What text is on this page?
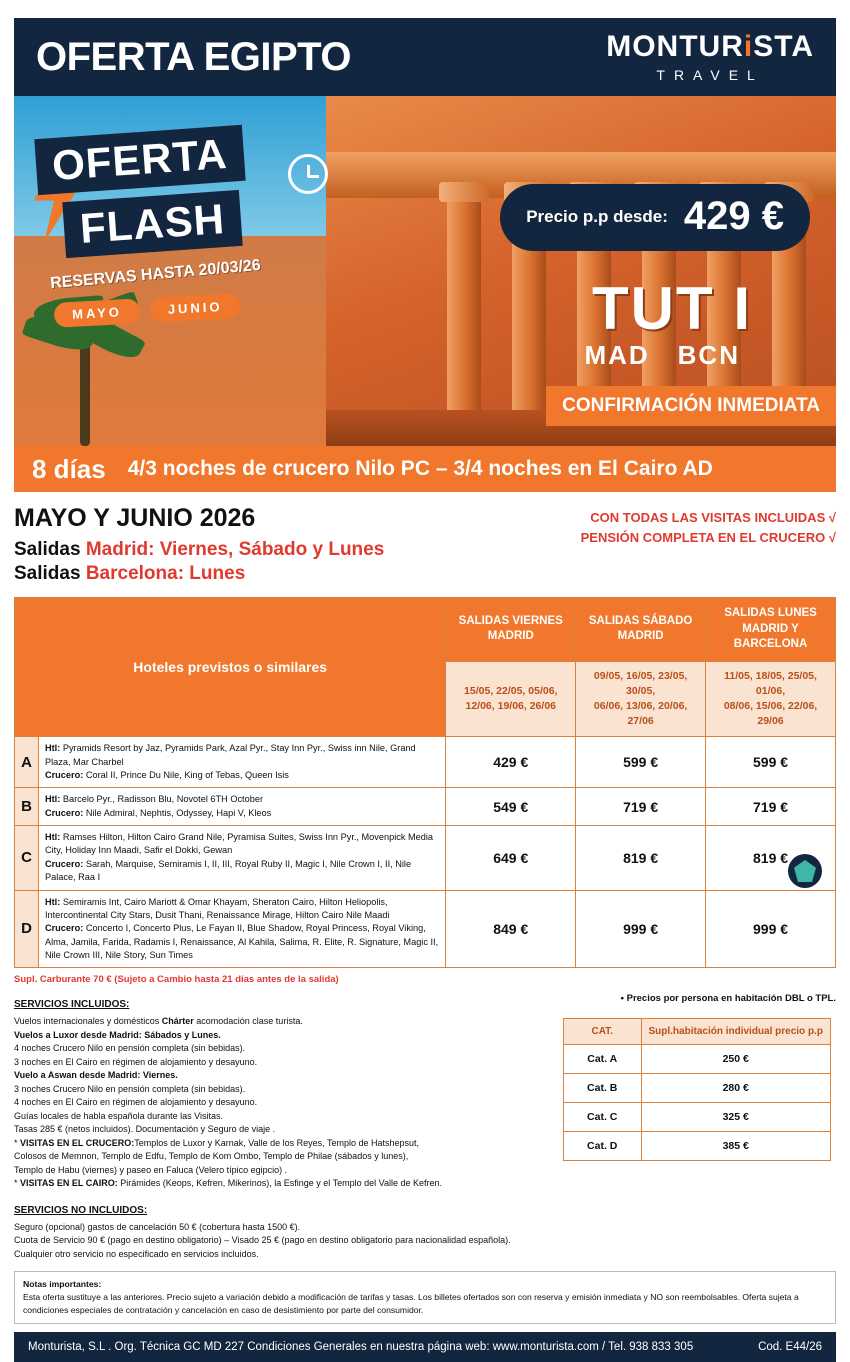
OFERTA EGIPTO	MONTURiSTA
TRAVEL
OFERTA
FLASH
RESERVAS HASTA 20/03/26
MAYO	JUNIO
Precio p.p desde: 429 €
TUT I
MAD BCN
CONFIRMACIÓN INMEDIATA
8 días 4/3 noches de crucero Nilo PC – 3/4 noches en El Cairo AD
MAYO Y JUNIO 2026
Salidas Madrid: Viernes, Sábado y Lunes
Salidas Barcelona: Lunes
CON TODAS LAS VISITAS INCLUIDAS √
PENSIÓN COMPLETA EN EL CRUCERO √
Hoteles previstos o similares	
SALIDAS VIERNES
MADRID

SALIDAS SÁBADO
MADRID

SALIDAS LUNES
MADRID Y BARCELONA

15/05, 22/05, 05/06,
12/06, 19/06, 26/06

09/05, 16/05, 23/05, 30/05,
06/06, 13/06, 20/06, 27/06

11/05, 18/05, 25/05, 01/06,
08/06, 15/06, 22/06, 29/06

A	Htl: Pyramids Resort by Jaz, Pyramids Park, Azal Pyr., Stay Inn Pyr., Swiss inn Nile, Grand Plaza, Mar Charbel
Crucero: Coral II, Prince Du Nile, King of Tebas, Queen Isis	429 €	599 €	599 €
B	Htl: Barcelo Pyr., Radisson Blu, Novotel 6TH October
Crucero: Nile Admiral, Nephtis, Odyssey, Hapi V, Kleos	549 €	719 €	719 €
C	Htl: Ramses Hilton, Hilton Cairo Grand Nile, Pyramisa Suites, Swiss Inn Pyr., Movenpick Media City, Holiday Inn Maadi, Safir el Dokki, Gewan
Crucero: Sarah, Marquise, Semiramis I, II, III, Royal Ruby II, Magic I, Nile Crown I, II, Nile Palace, Raa I	649 €	819 €	819 €
D	Htl: Semiramis Int, Cairo Mariott & Omar Khayam, Sheraton Cairo, Hilton Heliopolis, Intercontinental City Stars, Dusit Thani, Renaissance Mirage, Hilton Cairo Nile Maadi
Crucero: Concerto I, Concerto Plus, Le Fayan II, Blue Shadow, Royal Princess, Royal Viking, Alma, Jamila, Farida, Radamis I, Renaissance, Al Kahila, Salima, R. Elite, R. Signature, Magic II, Nile Crown III, Nile Story, Sun Times	849 €	999 €	999 €
Supl. Carburante 70 € (Sujeto a Cambio hasta 21 días antes de la salida)
SERVICIOS INCLUIDOS:

Vuelos internacionales y domésticos Chárter acomodación clase turista.

Vuelos a Luxor desde Madrid: Sábados y Lunes.

4 noches Crucero Nilo en pensión completa (sin bebidas).

3 noches en El Cairo en régimen de alojamiento y desayuno.

Vuelo a Aswan desde Madrid: Viernes.

3 noches Crucero Nilo en pensión completa (sin bebidas).

4 noches en El Cairo en régimen de alojamiento y desayuno.

Guías locales de habla española durante las Visitas.

Tasas 285 € (netos incluidos). Documentación y Seguro de viaje .

* VISITAS EN EL CRUCERO:Templos de Luxor y Karnak, Valle de los Reyes, Templo de Hatshepsut,

Colosos de Memnon, Templo de Edfu, Templo de Kom Ombo, Templo de Philae (sábados y lunes),

Templo de Habu (viernes) y paseo en Faluca (Velero típico egipcio) .

* VISITAS EN EL CAIRO: Pirámides (Keops, Kefren, Mikerinos), la Esfinge y el Templo del Valle de Kefren.

SERVICIOS NO INCLUIDOS:

Seguro (opcional) gastos de cancelación 50 € (cobertura hasta 1500 €).

Cuota de Servicio 90 € (pago en destino obligatorio) – Visado 25 € (pago en destino obligatorio para nacionalidad española).

Cualquier otro servicio no especificado en servicios incluidos.

• Precios por persona en habitación DBL o TPL.
CAT.	Supl.habitación individual precio p.p
Cat. A	250 €
Cat. B	280 €
Cat. C	325 €
Cat. D	385 €
Notas importantes:
Esta oferta sustituye a las anteriores. Precio sujeto a variación debido a modificación de tarifas y tasas. Los billetes ofertados son con reserva y emisión inmediata y NO son reembolsables. Oferta sujeta a condiciones especiales de contratación y cancelación en caso de desistimiento por parte del consumidor.
Monturista, S.L . Org. Técnica GC MD 227 Condiciones Generales en nuestra página web: www.monturista.com / Tel. 938 833 305	Cod. E44/26
